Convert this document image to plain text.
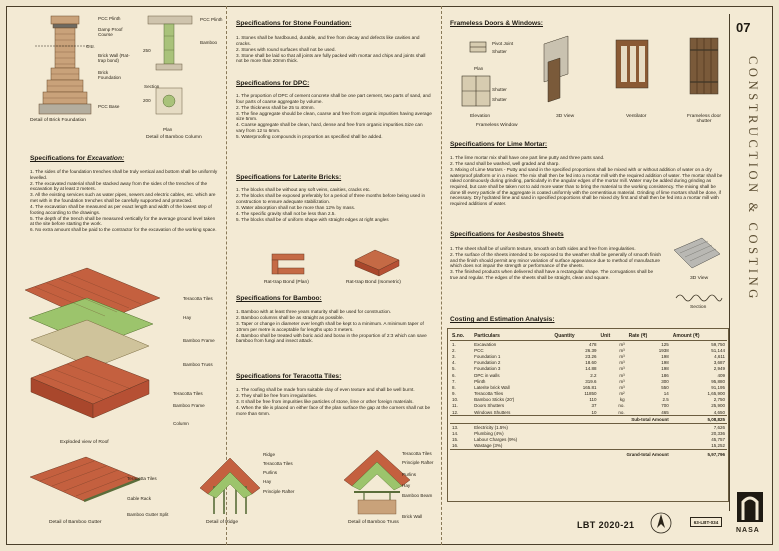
PCC Plinth
Damp Proof Course
G.L.
Brick Wall (Rat-trap bond)
Brick Foundation
PCC Base
Detail of Brick Foundation
PCC Plinth
Bamboo
Section
Plan
250
200
Detail of Bamboo Column
Specifications for Excavation:
1. The sides of the foundation trenches shall be truly vertical and bottom shall be uniformly levelled.
2. The excavated material shall be stacked away from the sides of the trenches of the excavation by at least 2 meters.
3. All the existing services such as water pipes, sewers and electric cables, etc. which are met with in the foundation trenches shall be carefully supported and protected.
4. The excavation shall be measured as per exact length and width of the lowest step of footing according to the drawings.
5. The depth of the trench shall be measured vertically for the average ground level taken at the site before starting the work.
6. No extra amount shall be paid to the contractor for the excavation of the working space.
Teracotta Tiles
Hay
Bamboo Frame
Bamboo Truss
Teracotta Tiles
Bamboo Frame
Column
Exploded view of Roof
Teracotta Tiles
Gable Rack
Bamboo Gutter Split
Detail of Bamboo Gutter
Specifications for Stone Foundation:
1. Stones shall be hardbound, durable, and free from decay and defects like cavities and cracks.
2. Stones with round surfaces shall not be used.
3. Stone shall be laid so that all joints are fully packed with mortar and chips and joints shall not be more than 20mm thick.
Specifications for DPC:
1. The proportion of DPC of cement concrete shall be one part cement, two parts of sand, and four parts of coarse aggregate by volume.
2. The thickness shall be 25 to 40mm.
3. The fine aggregate should be clean, coarse and free from organic impurities having average size 5mm.
4. Coarse aggregate shall be clean, hard, dense and free from organic impurities.Size can vary from 12 to 6mm.
5. Waterproofing compounds in proportion as specified shall be added.
Specifications for Laterite Bricks:
1. The blocks shall be without any soft veins, cavities, cracks etc.
2. The blocks shall be exposed preferably for a period of three months before being used in construction to ensure adequate stabilization.
3. Water absorption shall not be more than 12% by mass.
4. The specific gravity shall not be less than 2.5.
5. The blocks shall be of uniform shape with straight edges at right angles
Rat-trap Bond (Plan)	Rat-trap Bond (Isometric)
Specifications for Bamboo:
1. Bamboo with at least three years maturity shall be used for construction.
2. Bamboo columns shall be as straight as possible.
3. Taper or change in diameter over length shall be kept to a minimum. A minimum taper of 10mm per metre is acceptable for lengths upto 3 meters.
4. Bamboo shall be treated with boric acid and borax in the proportion of 2:3 which can save bamboo from fungi and insect attack.
Specifications for Teracotta Tiles:
1. The roofing shall be made from suitable clay of even texture and shall be well burnt.
2. They shall be free from irregularities.
3. It shall be free from impurities like particles of stone, lime or other foreign materials.
4. When the tile is placed on either face of the plan surface the gap at the corners shall not be more than 6mm.
Ridge
Teracotta Tiles
Purlins
Hay
Principle Rafter
Detail of Ridge
Teracotta Tiles
Principle Rafter
Purlins
Hay
Bamboo Beam
Brick Wall
Detail of Bamboo Truss
Frameless Doors & Windows:
Pivot Joint
Shutter
Plan
Shutter
Shutter
Elevation	3D View	Ventilator	Frameless door shutter
Frameless Window
Specifications for Lime Mortar:
1. The lime mortar mix shall have one part lime putty and three parts sand.
2. The sand shall be washed, well graded and sharp.
3. Mixing of Lime Mortars - Putty and sand in the specified proportions shall be mixed with or without addition of water on a dry waterproof platform or in a mixer. The mix shall then be fed into a mortar mill with the required addition of water. The mortar shall be raked continuously during grinding, particularly in the angular edges of the mortar mill. Water may be added during grinding as required, but care shall be taken not to add more water than to bring the material to the working consistency. The mixing shall be done till every particle of the aggregate is coated uniformly with the cementitious material. Grinding of lime mortars shall be done, if necessary. Dry hydrated lime and sand in specified proportions shall be mixed dry first and shall then be fed into a mortar mill with required additions of water.
Specifications for Aesbestos Sheets
1. The sheet shall be of uniform texture, smooth on both sides and free from irregularities.
2. The surface of the sheets intended to be exposed to the weather shall be generally of smooth finish and the finish should permit any minor variation of surface appearance due to method of manufacture which does not impair the strength or performance of the sheets.
3. The finished products when delivered shall have a rectangular shape. The corrugations shall be true and regular. The edges of the sheets shall be straight, clean and square.	3D View
Section
Costing and Estimation Analysis:
S.no.	Particulars	Quantity	Unit	Rate (₹)	Amount (₹)
1.	Excavation	478	m³	125	59,750
2.	PCC	26.39	m³	1938	51,144
3.	Foundation 1	23.26	m³	198	4,611
4.	Foundation 2	18.60	m³	198	3,687
5.	Foundation 3	14.88	m³	198	2,949
6.	DPC in walls	2.2	m³	186	409
7.	Plinth	319.6	m³	300	95,880
8.	Laterite brick Wall	165.81	m³	550	91,195
9.	Teracotta Tiles	11850	m²	14	1,65,900
10.	Bamboo Sticks (20')	110	kg	2.5	2,750
11.	Doors Shutters	37	no.	700	25,900
12.	Windows Shutters	10	no.	465	4,650
Sub-total Amount					5,08,825
13.	Electricity (1.5%)				7,626
14.	Plumbing (4%)				20,336
15.	Labour Charges (9%)				45,757
16.	Wastage (3%)				15,252
Grand-total Amount					5,97,796
07
CONSTRUCTION & COSTING
NASA
LBT 2020-21	63-LBT-034
